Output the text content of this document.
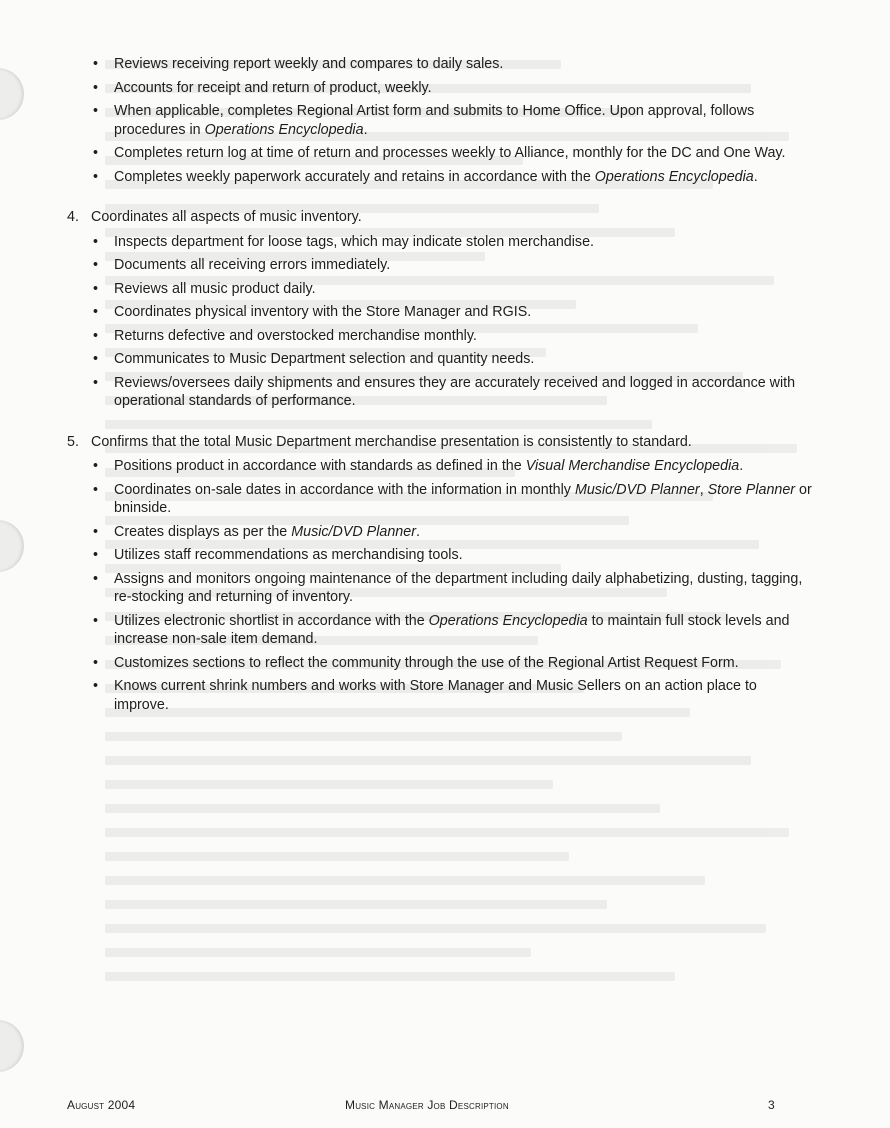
• Reviews receiving report weekly and compares to daily sales.
• Accounts for receipt and return of product, weekly.
• When applicable, completes Regional Artist form and submits to Home Office. Upon approval, follows procedures in Operations Encyclopedia.
• Completes return log at time of return and processes weekly to Alliance, monthly for the DC and One Way.
• Completes weekly paperwork accurately and retains in accordance with the Operations Encyclopedia.
4. Coordinates all aspects of music inventory.
• Inspects department for loose tags, which may indicate stolen merchandise.
• Documents all receiving errors immediately.
• Reviews all music product daily.
• Coordinates physical inventory with the Store Manager and RGIS.
• Returns defective and overstocked merchandise monthly.
• Communicates to Music Department selection and quantity needs.
• Reviews/oversees daily shipments and ensures they are accurately received and logged in accordance with operational standards of performance.
5. Confirms that the total Music Department merchandise presentation is consistently to standard.
• Positions product in accordance with standards as defined in the Visual Merchandise Encyclopedia.
• Coordinates on-sale dates in accordance with the information in monthly Music/DVD Planner, Store Planner or bninside.
• Creates displays as per the Music/DVD Planner.
• Utilizes staff recommendations as merchandising tools.
• Assigns and monitors ongoing maintenance of the department including daily alphabetizing, dusting, tagging, re-stocking and returning of inventory.
• Utilizes electronic shortlist in accordance with the Operations Encyclopedia to maintain full stock levels and increase non-sale item demand.
• Customizes sections to reflect the community through the use of the Regional Artist Request Form.
• Knows current shrink numbers and works with Store Manager and Music Sellers on an action place to improve.
August 2004	Music Manager Job Description	3
